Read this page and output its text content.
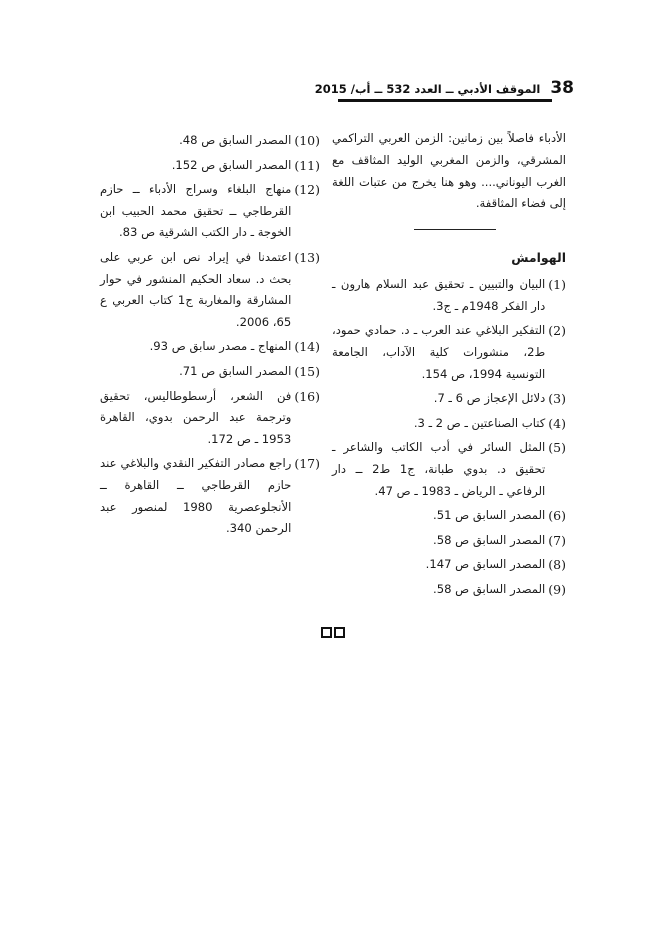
38
الموقف الأدبي ــ العدد 532 ــ أب/ 2015

الأدباء فاصلاً بين زمانين: الزمن العربي التراكمي المشرقي، والزمن المغربي الوليد المثاقف مع الغرب اليوناني.... وهو هنا يخرج من عتبات اللغة إلى فضاء المثاقفة.

الهوامش
(1)
البيان والتبيين ـ تحقيق عبد السلام هارون ـ دار الفكر 1948م ـ ج3.
(2)
التفكير البلاغي عند العرب ـ د. حمادي حمود، ط2، منشورات كلية الآداب، الجامعة التونسية 1994، ص 154.
(3)
دلائل الإعجاز ص 6 ـ 7.
(4)
كتاب الصناعتين ـ ص 2 ـ 3.
(5)
المثل السائر في أدب الكاتب والشاعر ـ تحقيق د. بدوي طبانة، ج1 ط2 ــ دار الرفاعي ـ الرياض ـ 1983 ـ ص 47.
(6)
المصدر السابق ص 51.
(7)
المصدر السابق ص 58.
(8)
المصدر السابق ص 147.
(9)
المصدر السابق ص 58.
(10)
المصدر السابق ص 48.
(11)
المصدر السابق ص 152.
(12)
منهاج البلغاء وسراج الأدباء ــ حازم القرطاجي ــ تحقيق محمد الحبيب ابن الخوجة ـ دار الكتب الشرقية ص 83.
(13)
اعتمدنا في إيراد نص ابن عربي على بحث د. سعاد الحكيم المنشور في حوار المشارقة والمغاربة ج1 كتاب العربي ع 65، 2006.
(14)
المنهاج ـ مصدر سابق ص 93.
(15)
المصدر السابق ص 71.
(16)
فن الشعر، أرسطوطاليس، تحقيق وترجمة عبد الرحمن بدوي، القاهرة 1953 ـ ص 172.
(17)
راجع مصادر التفكير النقدي والبلاغي عند حازم القرطاجي ــ القاهرة ــ الأنجلوعصرية 1980 لمنصور عبد الرحمن 340.
